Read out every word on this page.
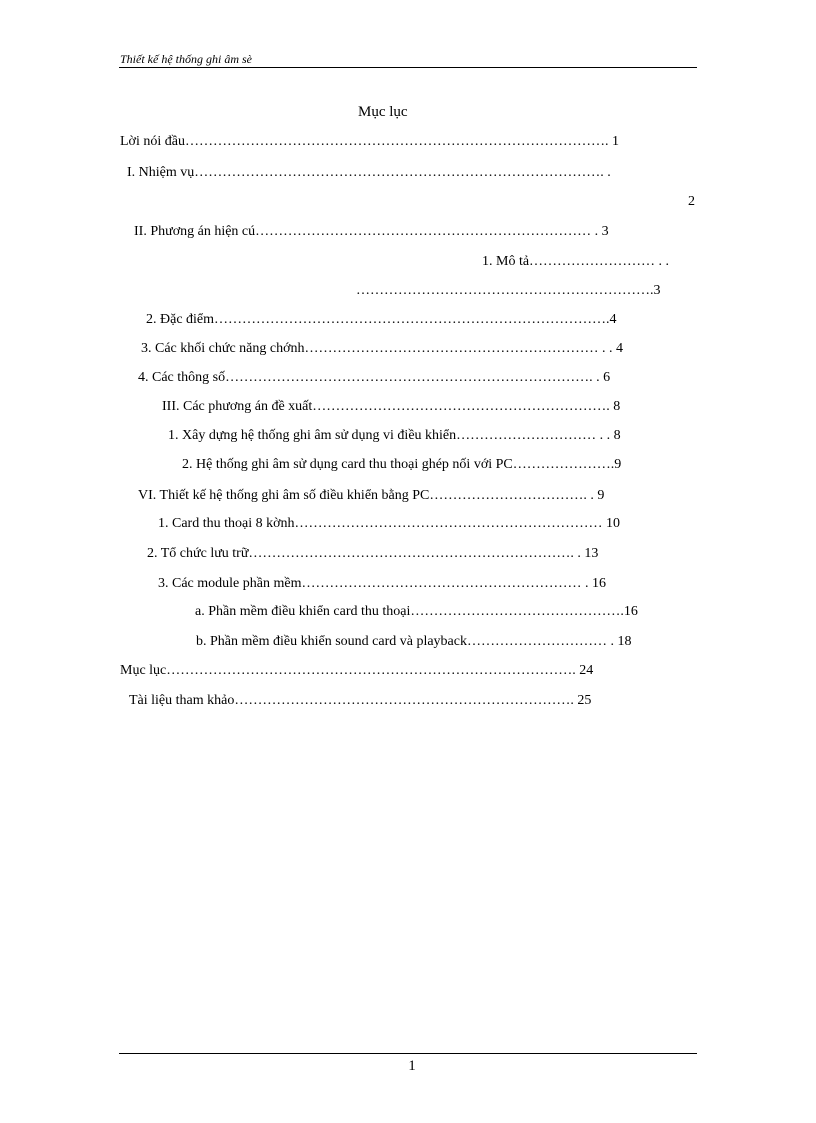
Thiết kế hệ thống ghi âm sè
Mục lục
Lời nói đầu………………………………………………………………………………. 1
I. Nhiệm vụ……………………………………………………………………………. .
2
II. Phương án hiện cú……………………………………………………………… . 3
1. Mô tả……………………… . .
……………………………………………………….3
2. Đặc điểm………………………………………………………………………….4
3. Các khối chức năng chớnh……………………………………………………… . . 4
4. Các thông số……………………………………………………………………. . 6
III. Các phương án đề xuất………………………………………………………. 8
1. Xây dựng hệ thống ghi âm sử dụng vi điều khiển………………………… . . 8
2. Hệ thống ghi âm sử dụng card thu thoại ghép nối với PC………………….9
VI. Thiết kế hệ thống ghi âm số điều khiển bằng PC……………………………. . 9
1. Card thu thoại 8 kờnh………………………………………………………… 10
2. Tổ chức lưu trữ……………………………………………………………. . 13
3. Các module phần mềm…………………………………………………… . 16
a. Phần mềm điều khiển card thu thoại……………………………………….16
b. Phần mềm điều khiển sound card và playback………………………… . 18
Mục lục……………………………………………………………………………. 24
Tài liệu tham khảo………………………………………………………………. 25
1
